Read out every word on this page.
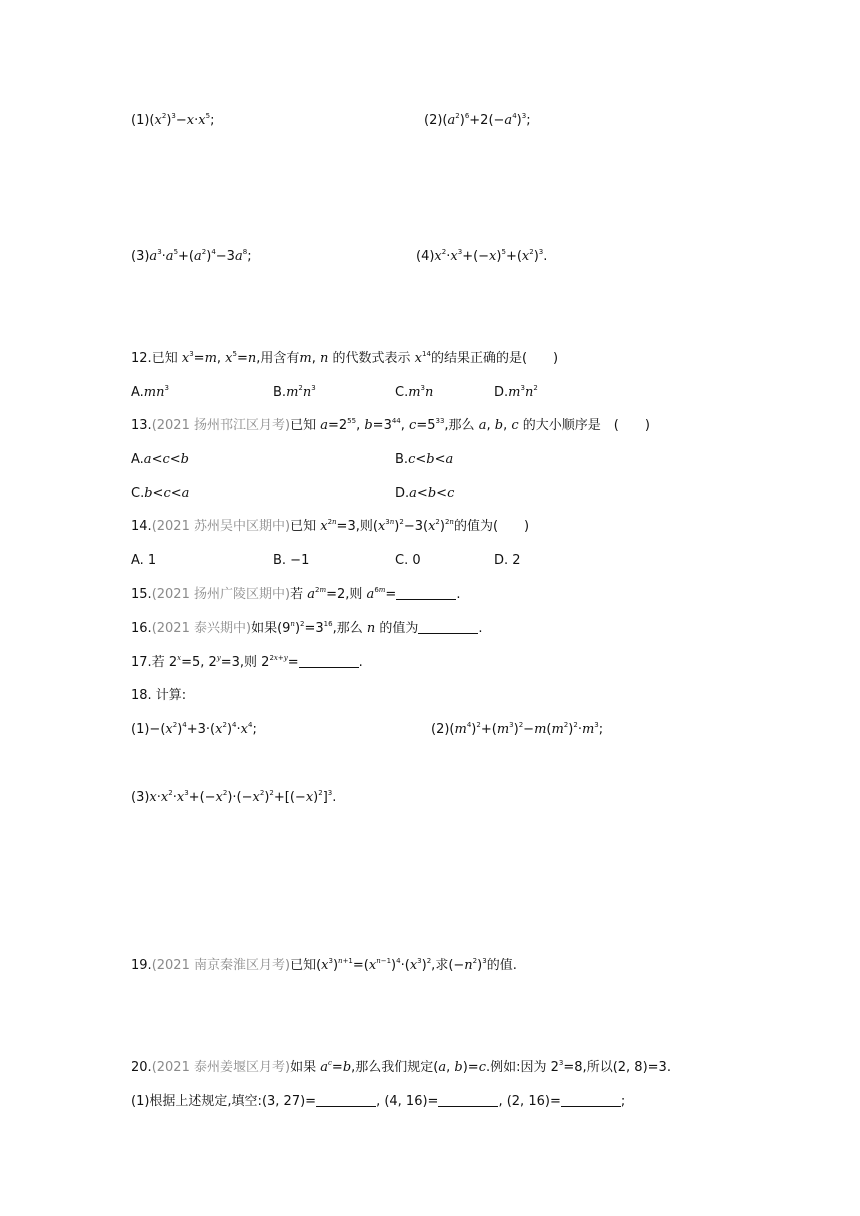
$(1)(x^2)^3-x\cdot x^5$;	$(2)(a^2)^6+2(-a^4)^3$;
$(3)a^3\cdot a^5+(a^2)^4-3a^8$;	$(4)x^2\cdot x^3+(-x)^5+(x^2)^3$.
12.已知 $x^3=m$, $x^5=n$,用含有m, n 的代数式表示 $x^{14}$的结果正确的是(　　)
$A.mn^3$	$B.m^2n^3$	$C.m^3n$	$D.m^3n^2$
13.(2021 扬州邗江区月考)已知 $a=2^{55}$, $b=3^{44}$, $c=5^{33}$,那么 a, b, c 的大小顺序是　(　　)
A.a<c<b	B.c<b<a
C.b<c<a	D.a<b<c
14.(2021 苏州吴中区期中)已知 $x^{2n}=3$,则$(x^{3n})^2-3(x^2)^{2n}$的值为(　　)
A. 1	B. −1	C. 0	D. 2
15.(2021 扬州广陵区期中)若 $a^{2m}=2$,则 $a^{6m}=$	.
16.(2021 泰兴期中)如果$(9^n)^2=3^{16}$,那么 n 的值为	.
17.若 $2^x=5$, $2^y=3$,则 $2^{2x+y}=$	.
18. 计算:
$(1)-(x^2)^4+3\cdot(x^2)^4\cdot x^4$;	$(2)(m^4)^2+(m^3)^2-m(m^2)^2\cdot m^3$;
$(3)x\cdot x^2\cdot x^3+(-x^2)\cdot(-x^2)^2+[(-x)^2]^3$.
19.(2021 南京秦淮区月考)已知$(x^3)^{n+1}=(x^{n-1})^4\cdot(x^3)^2$,求$(-n^2)^3$的值.
20.(2021 泰州姜堰区月考)如果 $a^c=b$,那么我们规定(a, b)=c.例如:因为 $2^3=8$,所以(2, 8)=3.
(1)根据上述规定,填空:(3, 27)=	, (4, 16)=	, (2, 16)=	;
